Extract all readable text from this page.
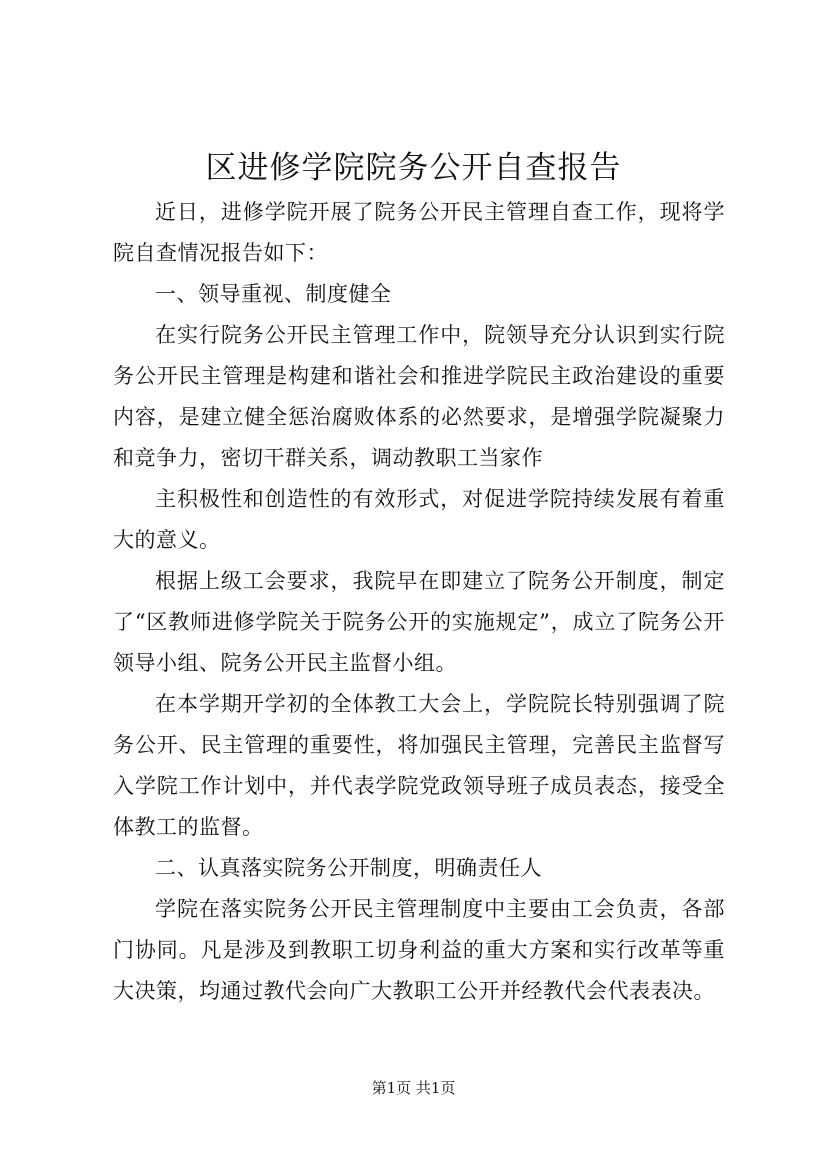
区进修学院院务公开自查报告

近日，进修学院开展了院务公开民主管理自查工作，现将学院自查情况报告如下：

一、领导重视、制度健全

在实行院务公开民主管理工作中，院领导充分认识到实行院务公开民主管理是构建和谐社会和推进学院民主政治建设的重要内容，是建立健全惩治腐败体系的必然要求，是增强学院凝聚力和竞争力，密切干群关系，调动教职工当家作

主积极性和创造性的有效形式，对促进学院持续发展有着重大的意义。

根据上级工会要求，我院早在即建立了院务公开制度，制定了“区教师进修学院关于院务公开的实施规定”，成立了院务公开领导小组、院务公开民主监督小组。

在本学期开学初的全体教工大会上，学院院长特别强调了院务公开、民主管理的重要性，将加强民主管理，完善民主监督写入学院工作计划中，并代表学院党政领导班子成员表态，接受全体教工的监督。

二、认真落实院务公开制度，明确责任人

学院在落实院务公开民主管理制度中主要由工会负责，各部门协同。凡是涉及到教职工切身利益的重大方案和实行改革等重大决策，均通过教代会向广大教职工公开并经教代会代表表决。

第1页 共1页
